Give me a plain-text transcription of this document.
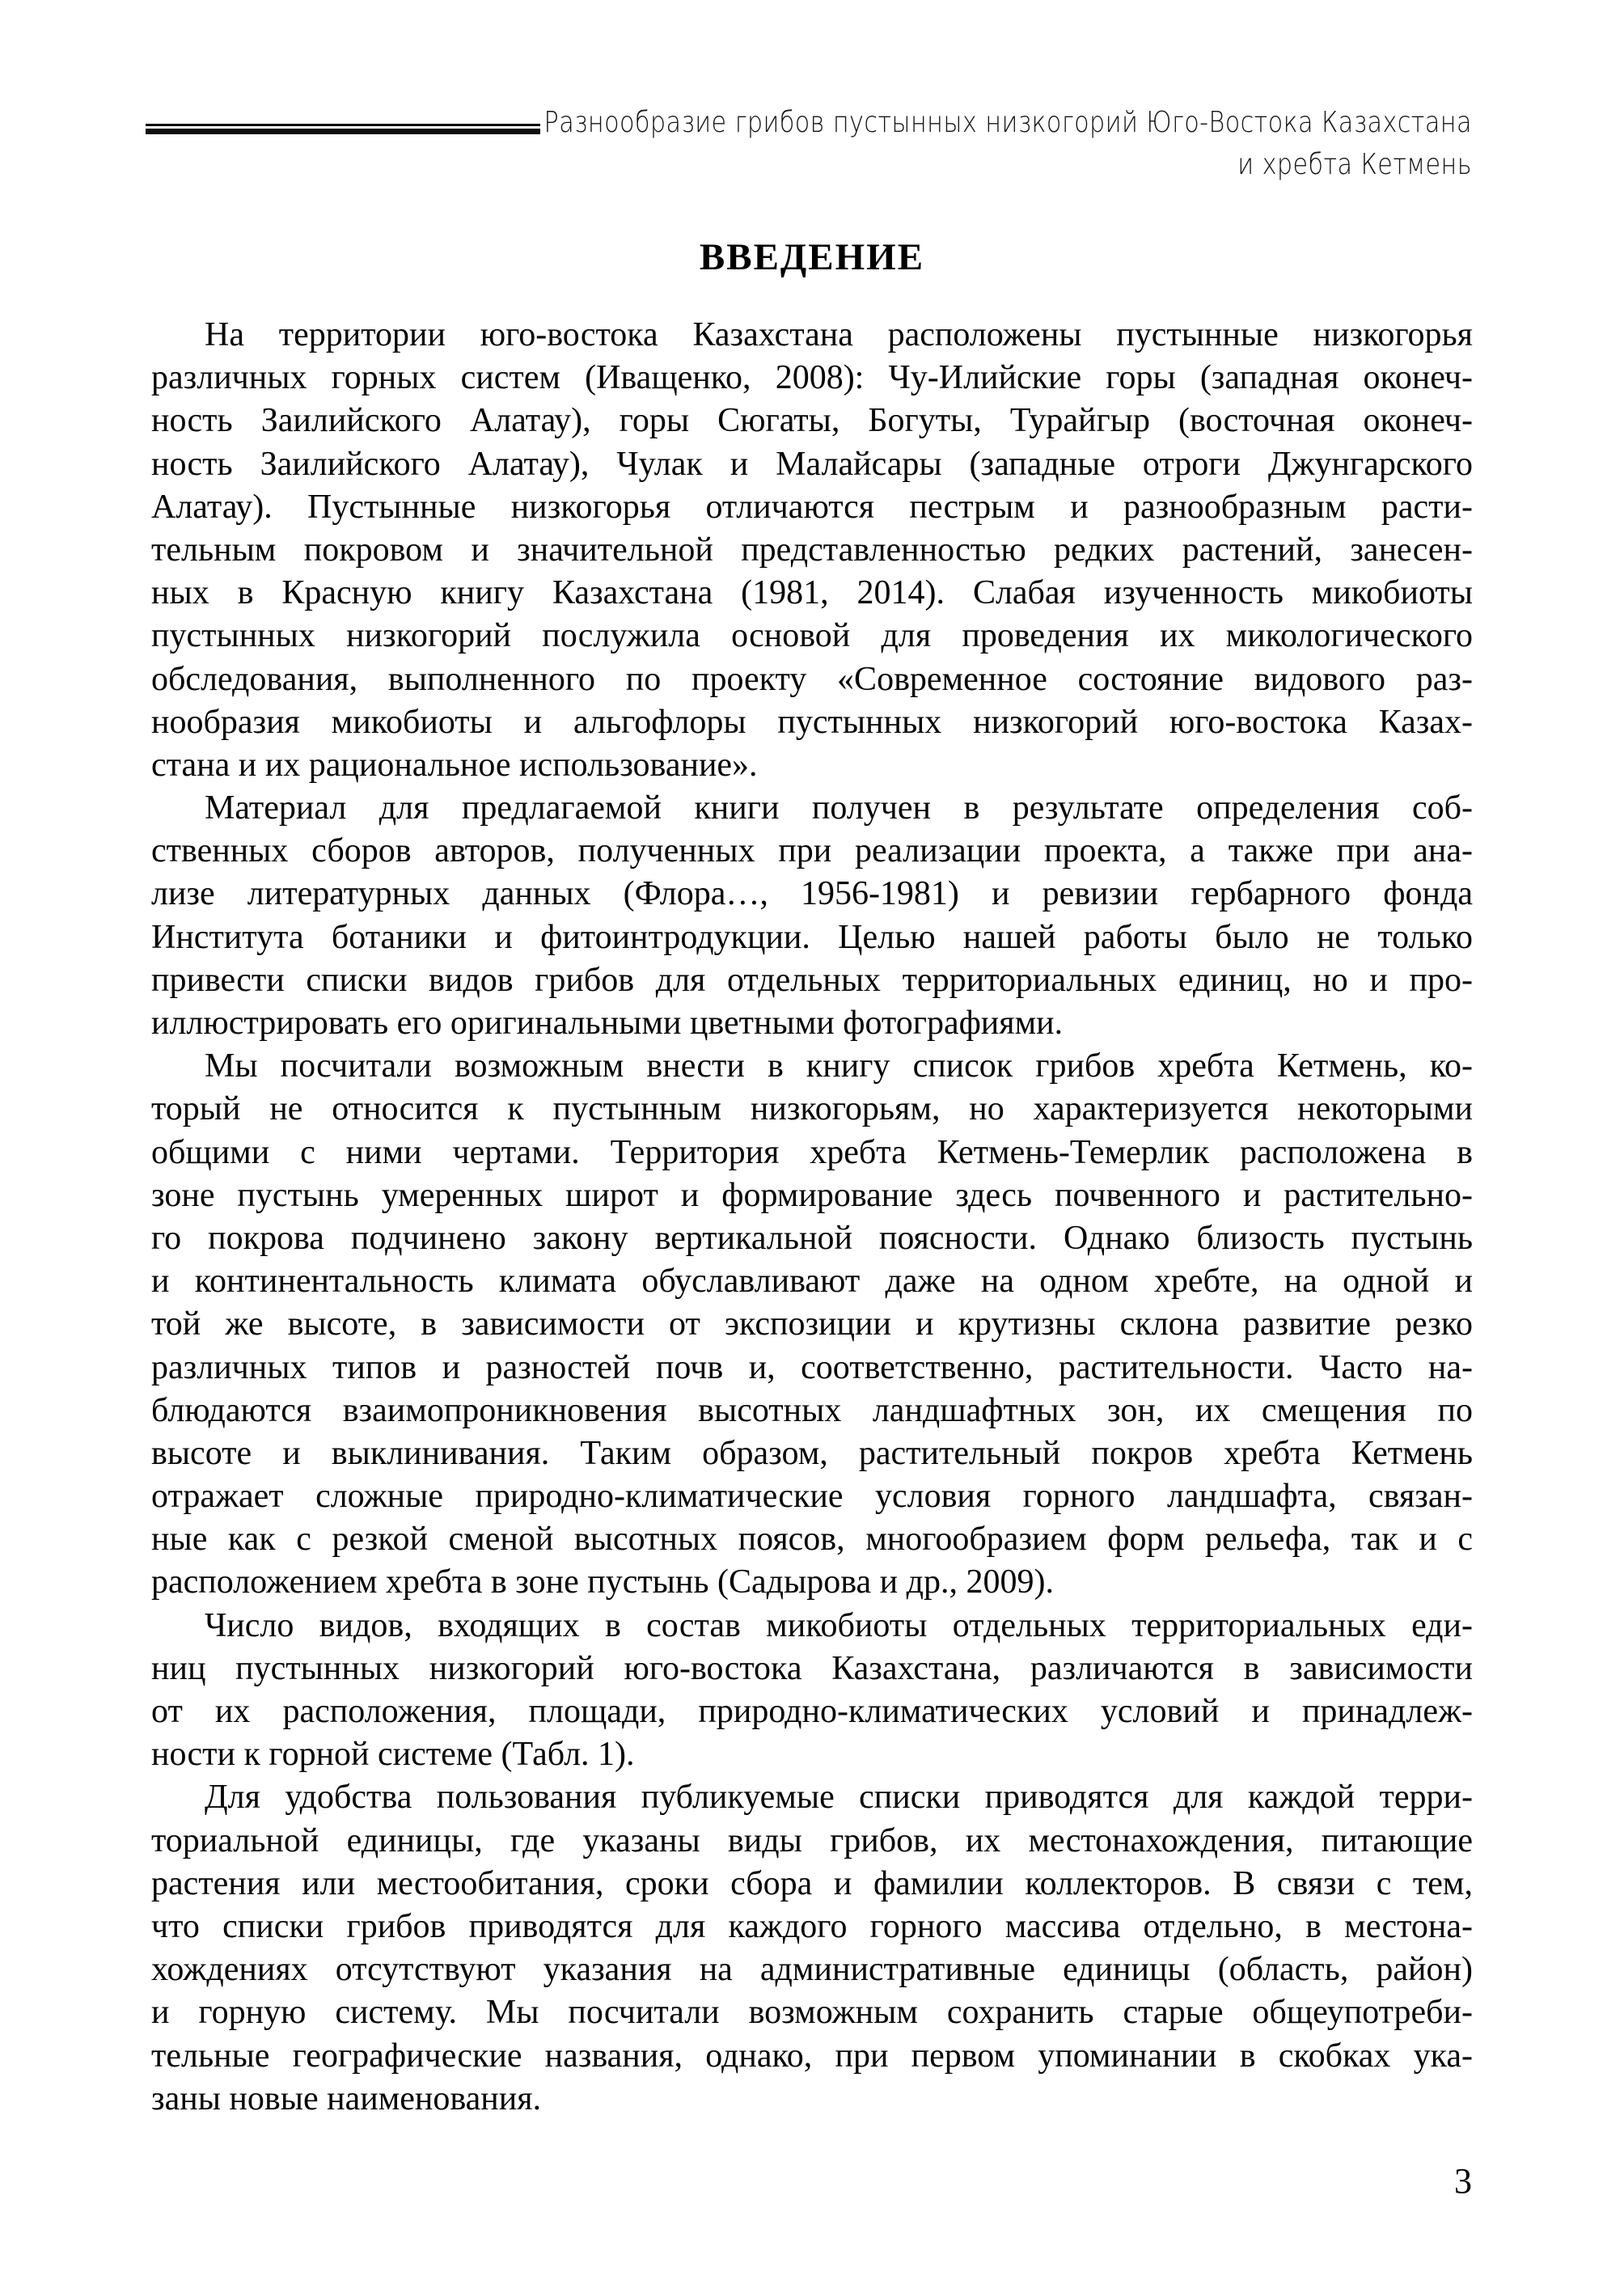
Разнообразие грибов пустынных низкогорий Юго-Востока Казахстана
и хребта Кетмень
ВВЕДЕНИЕ
На территории юго-востока Казахстана расположены пустынные низкогорья
различных горных систем (Иващенко, 2008): Чу-Илийские горы (западная оконеч-
ность Заилийского Алатау), горы Сюгаты, Богуты, Турайгыр (восточная оконеч-
ность Заилийского Алатау), Чулак и Малайсары (западные отроги Джунгарского
Алатау). Пустынные низкогорья отличаются пестрым и разнообразным расти-
тельным покровом и значительной представленностью редких растений, занесен-
ных в Красную книгу Казахстана (1981, 2014). Слабая изученность микобиоты
пустынных низкогорий послужила основой для проведения их микологического
обследования, выполненного по проекту «Современное состояние видового раз-
нообразия микобиоты и альгофлоры пустынных низкогорий юго-востока Казах-
стана и их рациональное использование».
Материал для предлагаемой книги получен в результате определения соб-
ственных сборов авторов, полученных при реализации проекта, а также при ана-
лизе литературных данных (Флора…, 1956-1981) и ревизии гербарного фонда
Института ботаники и фитоинтродукции. Целью нашей работы было не только
привести списки видов грибов для отдельных территориальных единиц, но и про-
иллюстрировать его оригинальными цветными фотографиями.
Мы посчитали возможным внести в книгу список грибов хребта Кетмень, ко-
торый не относится к пустынным низкогорьям, но характеризуется некоторыми
общими с ними чертами. Территория хребта Кетмень-Темерлик расположена в
зоне пустынь умеренных широт и формирование здесь почвенного и растительно-
го покрова подчинено закону вертикальной поясности. Однако близость пустынь
и континентальность климата обуславливают даже на одном хребте, на одной и
той же высоте, в зависимости от экспозиции и крутизны склона развитие резко
различных типов и разностей почв и, соответственно, растительности. Часто на-
блюдаются взаимопроникновения высотных ландшафтных зон, их смещения по
высоте и выклинивания. Таким образом, растительный покров хребта Кетмень
отражает сложные природно-климатические условия горного ландшафта, связан-
ные как с резкой сменой высотных поясов, многообразием форм рельефа, так и с
расположением хребта в зоне пустынь (Садырова и др., 2009).
Число видов, входящих в состав микобиоты отдельных территориальных еди-
ниц пустынных низкогорий юго-востока Казахстана, различаются в зависимости
от их расположения, площади, природно-климатических условий и принадлеж-
ности к горной системе (Табл. 1).
Для удобства пользования публикуемые списки приводятся для каждой терри-
ториальной единицы, где указаны виды грибов, их местонахождения, питающие
растения или местообитания, сроки сбора и фамилии коллекторов. В связи с тем,
что списки грибов приводятся для каждого горного массива отдельно, в местона-
хождениях отсутствуют указания на административные единицы (область, район)
и горную систему. Мы посчитали возможным сохранить старые общеупотреби-
тельные географические названия, однако, при первом упоминании в скобках ука-
заны новые наименования.
3
